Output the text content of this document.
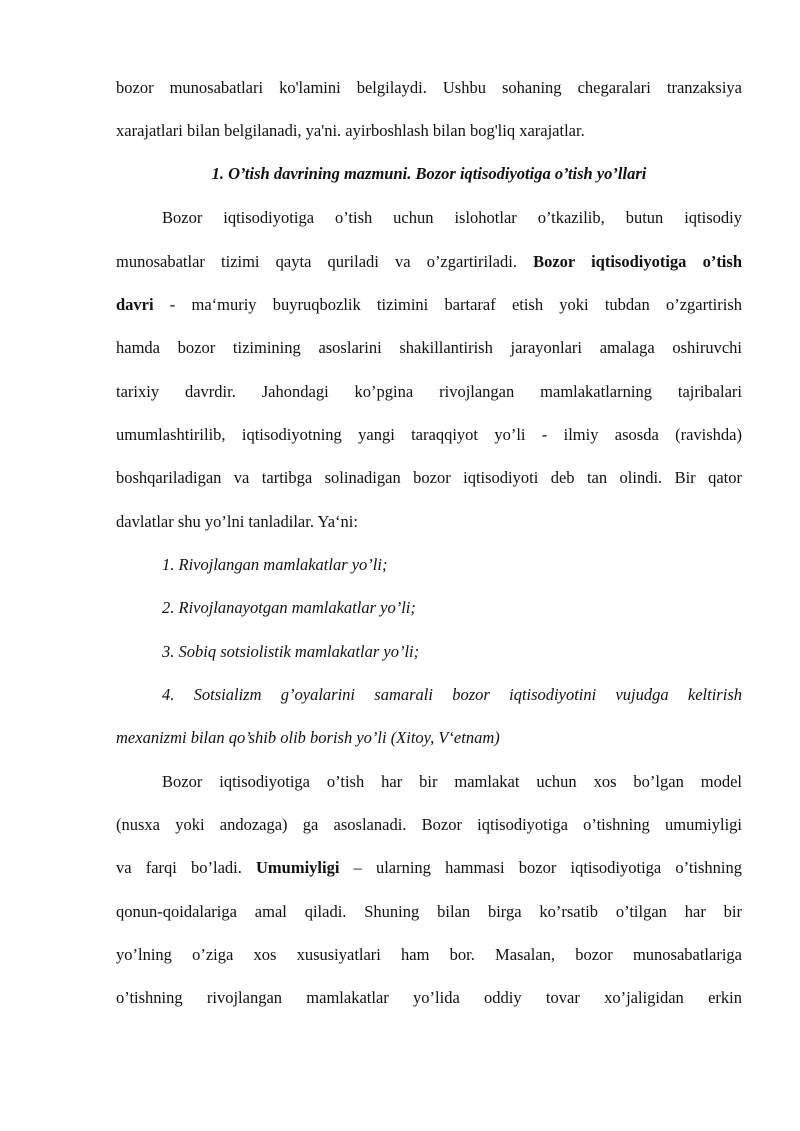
bozor munosabatlari ko'lamini belgilaydi. Ushbu sohaning chegaralari tranzaksiya
xarajatlari bilan belgilanadi, ya'ni. ayirboshlash bilan bog'liq xarajatlar.
1. O’tish davrining mazmuni. Bozor iqtisodiyotiga o’tish yo’llari
Bozor iqtisodiyotiga o’tish uchun islohotlar o’tkazilib, butun iqtisodiy
munosabatlar tizimi qayta quriladi va o’zgartiriladi. Bozor iqtisodiyotiga o’tish
davri - ma‘muriy buyruqbozlik tizimini bartaraf etish yoki tubdan o’zgartirish
hamda bozor tizimining asoslarini shakillantirish jarayonlari amalaga oshiruvchi
tarixiy davrdir. Jahondagi ko’pgina rivojlangan mamlakatlarning tajribalari
umumlashtirilib, iqtisodiyotning yangi taraqqiyot yo’li - ilmiy asosda (ravishda)
boshqariladigan va tartibga solinadigan bozor iqtisodiyoti deb tan olindi. Bir qator
davlatlar shu yo’lni tanladilar. Ya‘ni:
1. Rivojlangan mamlakatlar yo’li;
2. Rivojlanayotgan mamlakatlar yo’li;
3. Sobiq sotsiolistik mamlakatlar yo’li;
4. Sotsializm g’oyalarini samarali bozor iqtisodiyotini vujudga keltirish
mexanizmi bilan qo’shib olib borish yo’li (Xitoy, V‘etnam)
Bozor iqtisodiyotiga o’tish har bir mamlakat uchun xos bo’lgan model
(nusxa yoki andozaga) ga asoslanadi. Bozor iqtisodiyotiga o’tishning umumiyligi
va farqi bo’ladi. Umumiyligi – ularning hammasi bozor iqtisodiyotiga o’tishning
qonun-qoidalariga amal qiladi. Shuning bilan birga ko’rsatib o’tilgan har bir
yo’lning o’ziga xos xususiyatlari ham bor. Masalan, bozor munosabatlariga
o’tishning rivojlangan mamlakatlar yo’lida oddiy tovar xo’jaligidan erkin
